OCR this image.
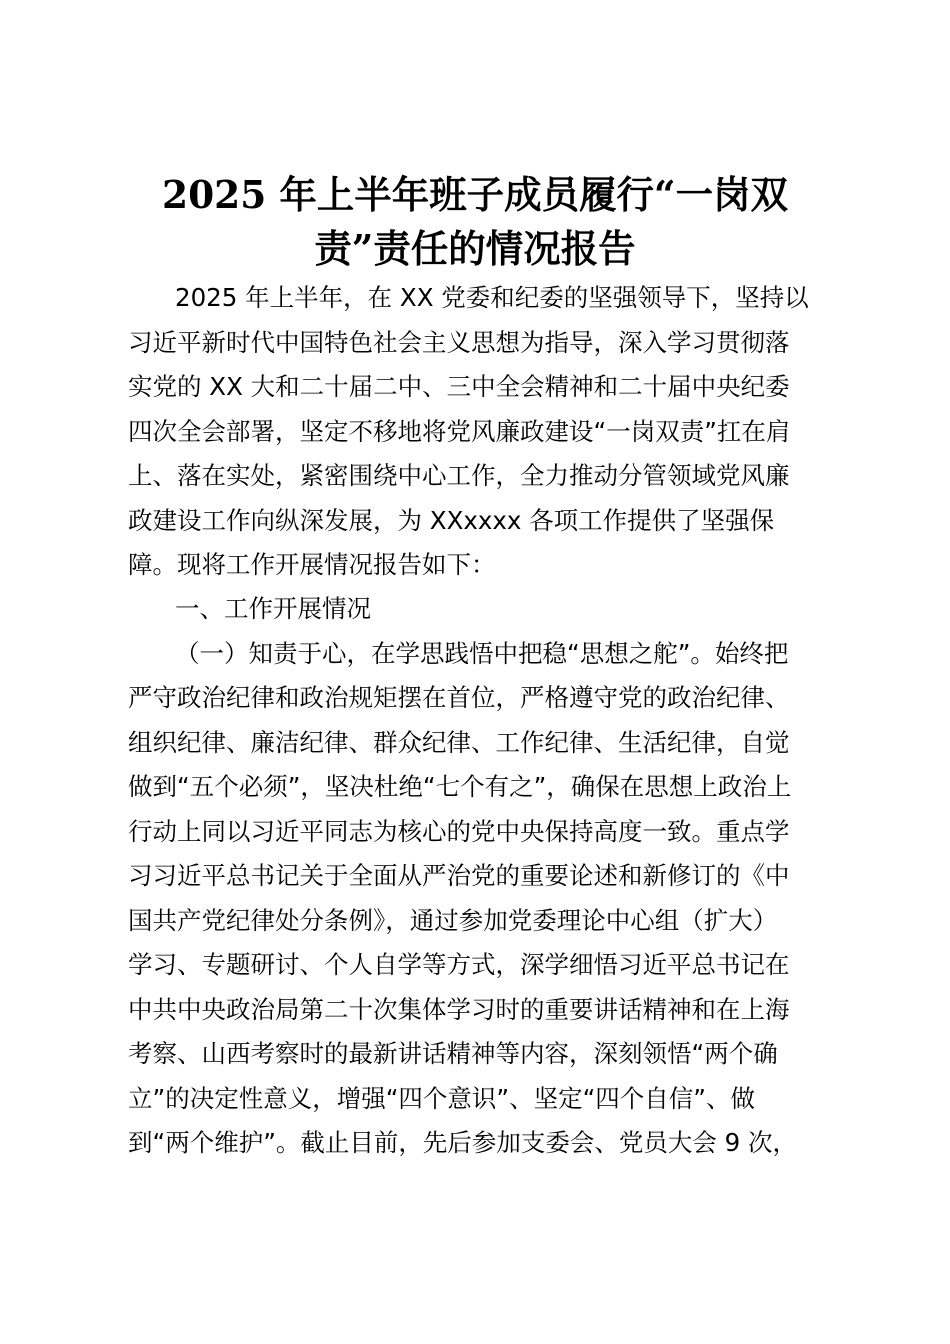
2025 年上半年班子成员履行“一岗双
责”责任的情况报告
2025 年上半年，在 XX 党委和纪委的坚强领导下，坚持以
习近平新时代中国特色社会主义思想为指导，深入学习贯彻落
实党的 XX 大和二十届二中、三中全会精神和二十届中央纪委
四次全会部署，坚定不移地将党风廉政建设“一岗双责”扛在肩
上、落在实处，紧密围绕中心工作，全力推动分管领域党风廉
政建设工作向纵深发展，为 XXxxxx 各项工作提供了坚强保
障。现将工作开展情况报告如下：
一、工作开展情况
（一）知责于心，在学思践悟中把稳“思想之舵”。始终把
严守政治纪律和政治规矩摆在首位，严格遵守党的政治纪律、
组织纪律、廉洁纪律、群众纪律、工作纪律、生活纪律，自觉
做到“五个必须”，坚决杜绝“七个有之”，确保在思想上政治上
行动上同以习近平同志为核心的党中央保持高度一致。重点学
习习近平总书记关于全面从严治党的重要论述和新修订的《中
国共产党纪律处分条例》，通过参加党委理论中心组（扩大）
学习、专题研讨、个人自学等方式，深学细悟习近平总书记在
中共中央政治局第二十次集体学习时的重要讲话精神和在上海
考察、山西考察时的最新讲话精神等内容，深刻领悟“两个确
立”的决定性意义，增强“四个意识”、坚定“四个自信”、做
到“两个维护”。截止目前，先后参加支委会、党员大会 9 次，
